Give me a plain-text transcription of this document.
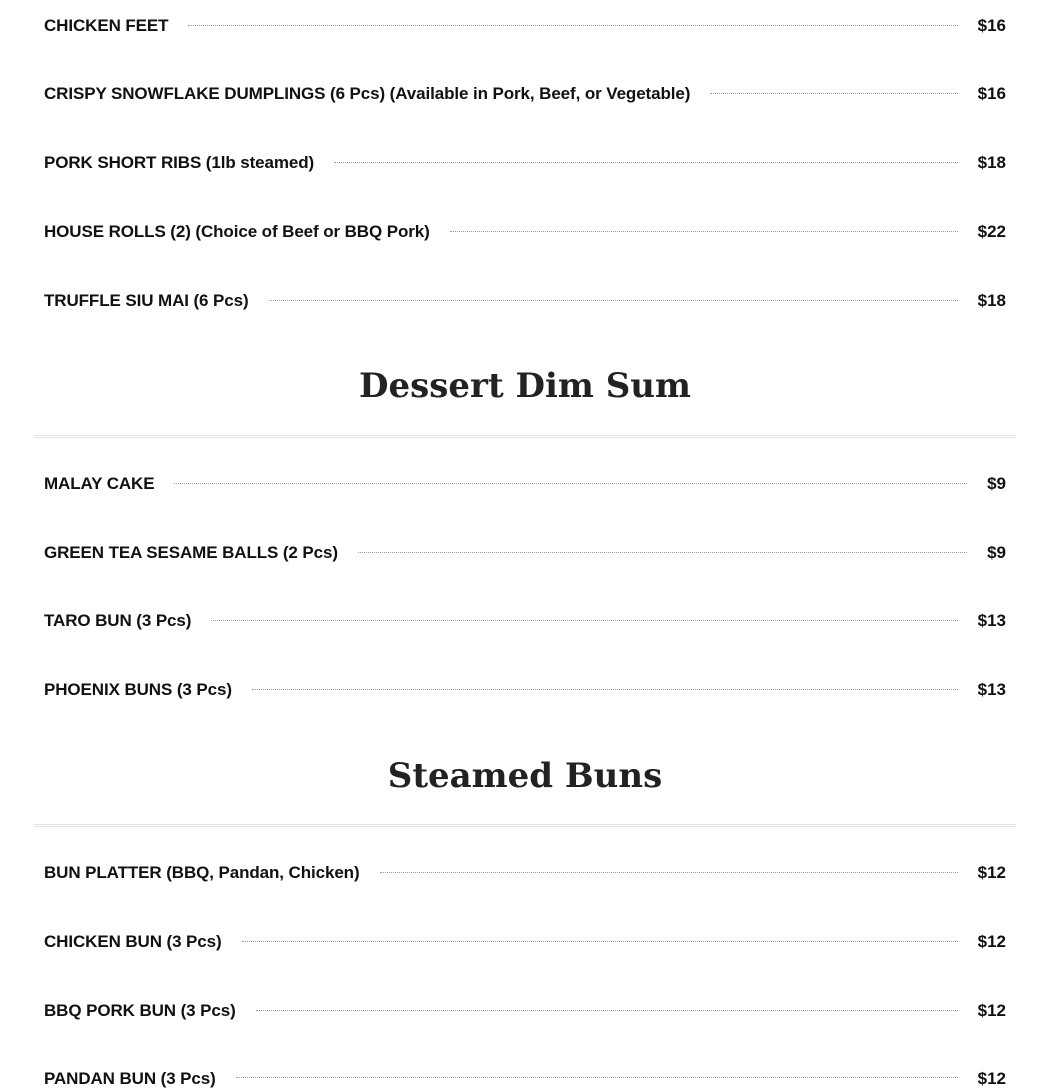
CHICKEN FEET	$16
CRISPY SNOWFLAKE DUMPLINGS (6 Pcs) (Available in Pork, Beef, or Vegetable)	$16
PORK SHORT RIBS (1lb steamed)	$18
HOUSE ROLLS (2) (Choice of Beef or BBQ Pork)	$22
TRUFFLE SIU MAI (6 Pcs)	$18
Dessert Dim Sum
MALAY CAKE	$9
GREEN TEA SESAME BALLS (2 Pcs)	$9
TARO BUN (3 Pcs)	$13
PHOENIX BUNS (3 Pcs)	$13
Steamed Buns
BUN PLATTER (BBQ, Pandan, Chicken)	$12
CHICKEN BUN (3 Pcs)	$12
BBQ PORK BUN (3 Pcs)	$12
PANDAN BUN (3 Pcs)	$12
